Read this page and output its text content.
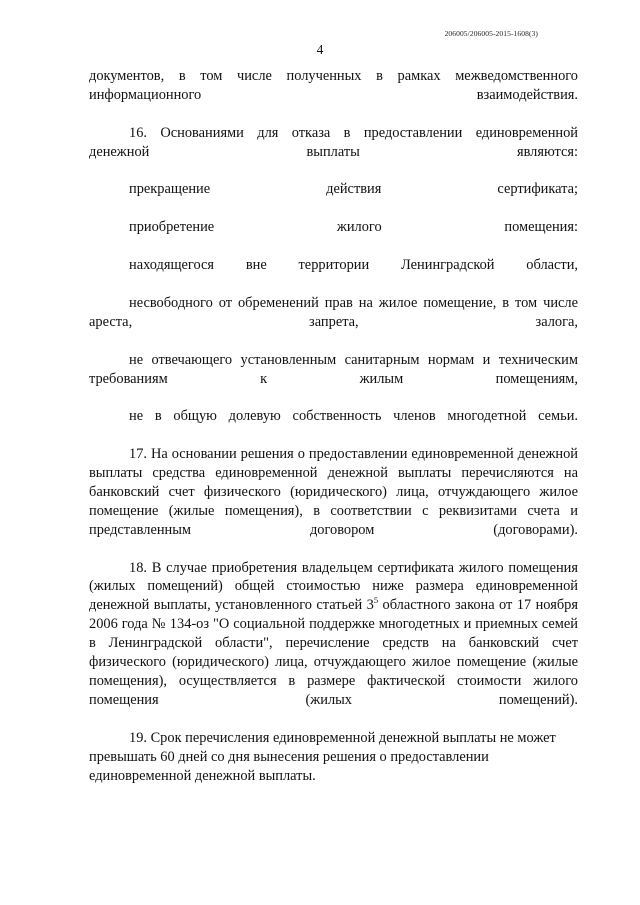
206005/206005-2015-1608(3)
4

документов, в том числе полученных в рамках межведомственного информационного взаимодействия.

16. Основаниями для отказа в предоставлении единовременной денежной выплаты являются:

прекращение действия сертификата;

приобретение жилого помещения:

находящегося вне территории Ленинградской области,

несвободного от обременений прав на жилое помещение, в том числе ареста, запрета, залога,

не отвечающего установленным санитарным нормам и техническим требованиям к жилым помещениям,

не в общую долевую собственность членов многодетной семьи.

17. На основании решения о предоставлении единовременной денежной выплаты средства единовременной денежной выплаты перечисляются на банковский счет физического (юридического) лица, отчуждающего жилое помещение (жилые помещения), в соответствии с реквизитами счета и представленным договором (договорами).

18. В случае приобретения владельцем сертификата жилого помещения (жилых помещений) общей стоимостью ниже размера единовременной денежной выплаты, установленного статьей $3^5$ областного закона от 17 ноября 2006 года № 134-оз "О социальной поддержке многодетных и приемных семей в Ленинградской области", перечисление средств на банковский счет физического (юридического) лица, отчуждающего жилое помещение (жилые помещения), осуществляется в размере фактической стоимости жилого помещения (жилых помещений).

19. Срок перечисления единовременной денежной выплаты не может превышать 60 дней со дня вынесения решения о предоставлении единовременной денежной выплаты.
